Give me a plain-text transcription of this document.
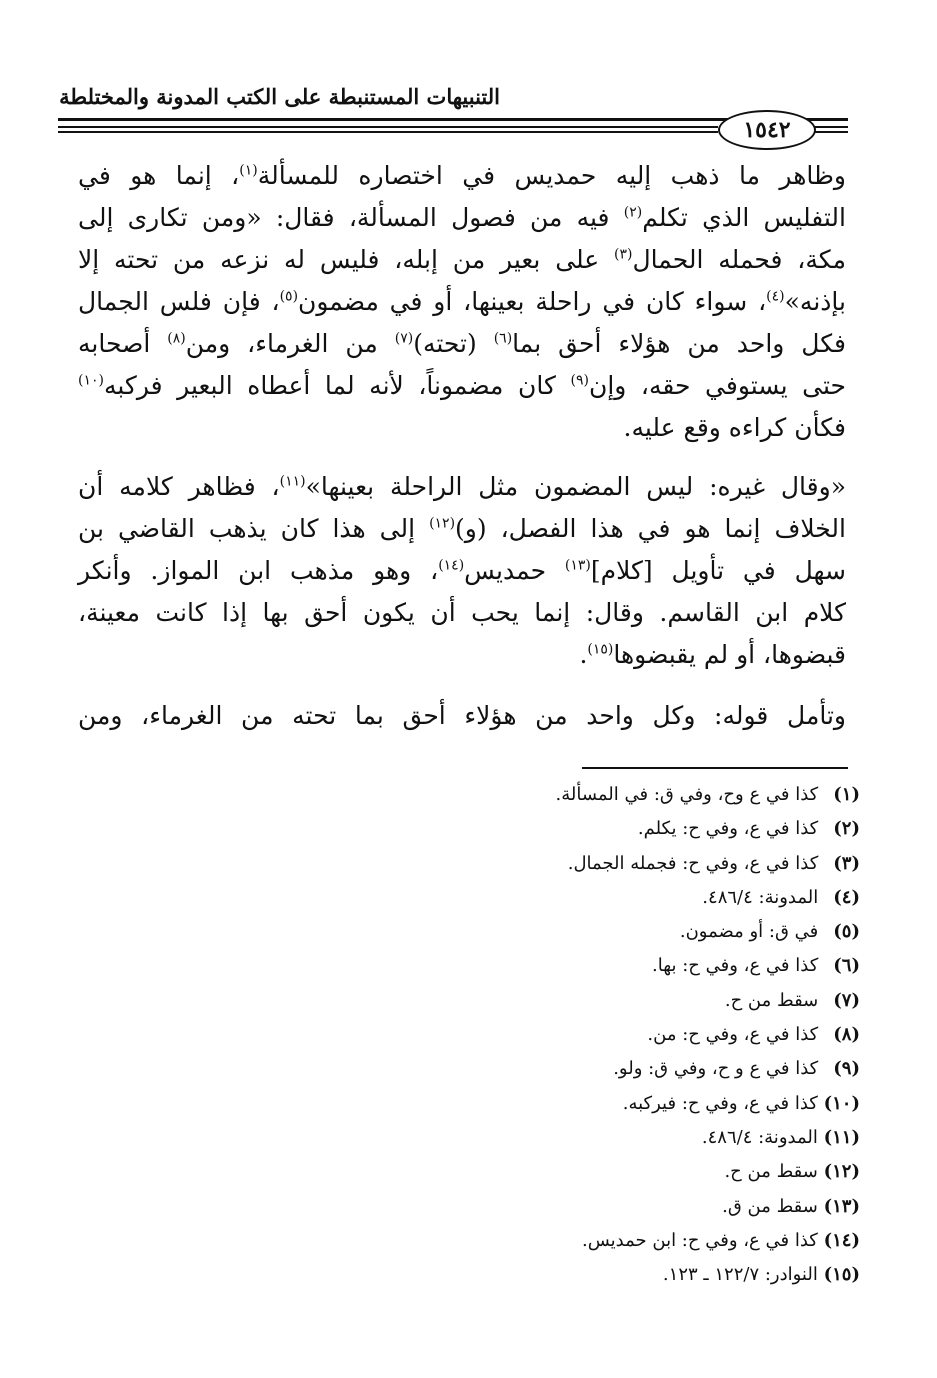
التنبيهات المستنبطة على الكتب المدونة والمختلطة
١٥٤٢

وظاهر ما ذهب إليه حمديس في اختصاره للمسألة$^{(١)}$، إنما هو في
التفليس الذي تكلم$^{(٢)}$ فيه من فصول المسألة، فقال: «ومن تكارى إلى
مكة، فحمله الحمال$^{(٣)}$ على بعير من إبله، فليس له نزعه من تحته إلا
بإذنه»$^{(٤)}$، سواء كان في راحلة بعينها، أو في مضمون$^{(٥)}$، فإن فلس الجمال
فكل واحد من هؤلاء أحق بما$^{(٦)}$ (تحته)$^{(٧)}$ من الغرماء، ومن$^{(٨)}$ أصحابه
حتى يستوفي حقه، وإن$^{(٩)}$ كان مضموناً، لأنه لما أعطاه البعير فركبه$^{(١٠)}$
فكأن كراءه وقع عليه.

«وقال غيره: ليس المضمون مثل الراحلة بعينها»$^{(١١)}$، فظاهر كلامه أن
الخلاف إنما هو في هذا الفصل، (و)$^{(١٢)}$ إلى هذا كان يذهب القاضي بن
سهل في تأويل [كلام]$^{(١٣)}$ حمديس$^{(١٤)}$، وهو مذهب ابن المواز. وأنكر
كلام ابن القاسم. وقال: إنما يحب أن يكون أحق بها إذا كانت معينة،
قبضوها، أو لم يقبضوها$^{(١٥)}$.

وتأمل قوله: وكل واحد من هؤلاء أحق بما تحته من الغرماء، ومن

(١) كذا في ع وح، وفي ق: في المسألة.
(٢) كذا في ع، وفي ح: يكلم.
(٣) كذا في ع، وفي ح: فجمله الجمال.
(٤) المدونة: ٤٨٦/٤.
(٥) في ق: أو مضمون.
(٦) كذا في ع، وفي ح: بها.
(٧) سقط من ح.
(٨) كذا في ع، وفي ح: من.
(٩) كذا في ع و ح، وفي ق: ولو.
(١٠) كذا في ع، وفي ح: فيركبه.
(١١) المدونة: ٤٨٦/٤.
(١٢) سقط من ح.
(١٣) سقط من ق.
(١٤) كذا في ع، وفي ح: ابن حمديس.
(١٥) النوادر: ١٢٢/٧ ـ ١٢٣.
